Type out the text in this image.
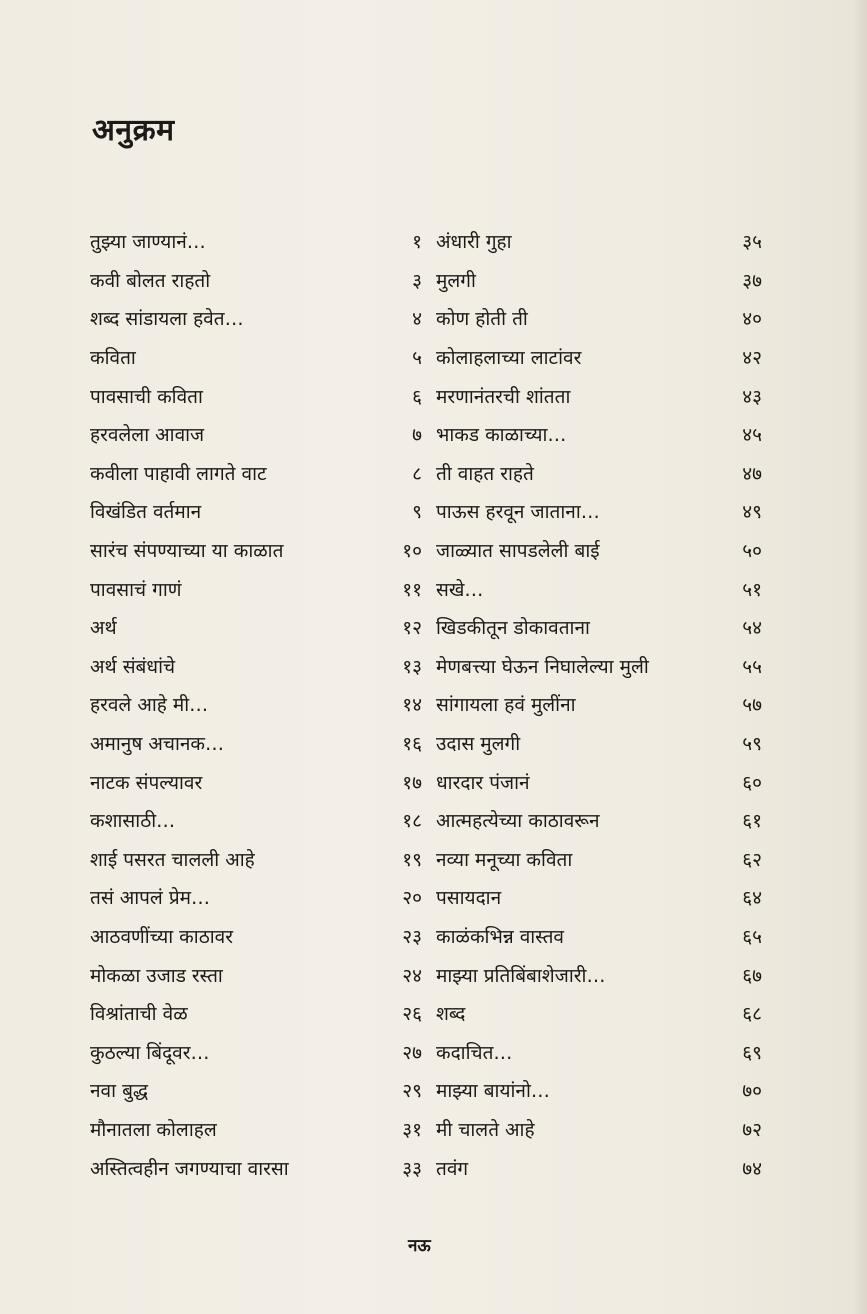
अनुक्रम
तुझ्या जाण्यानं…	१ अंधारी गुहा	३५
कवी बोलत राहतो	३ मुलगी	३७
शब्द सांडायला हवेत…	४ कोण होती ती	४०
कविता	५ कोलाहलाच्या लाटांवर	४२
पावसाची कविता	६ मरणानंतरची शांतता	४३
हरवलेला आवाज	७ भाकड काळाच्या…	४५
कवीला पाहावी लागते वाट	८ ती वाहत राहते	४७
विखंडित वर्तमान	९ पाऊस हरवून जाताना…	४९
सारंच संपण्याच्या या काळात	१० जाळ्यात सापडलेली बाई	५०
पावसाचं गाणं	११ सखे…	५१
अर्थ	१२ खिडकीतून डोकावताना	५४
अर्थ संबंधांचे	१३ मेणबत्त्या घेऊन निघालेल्या मुली	५५
हरवले आहे मी…	१४ सांगायला हवं मुलींना	५७
अमानुष अचानक…	१६ उदास मुलगी	५९
नाटक संपल्यावर	१७ धारदार पंजानं	६०
कशासाठी…	१८ आत्महत्येच्या काठावरून	६१
शाई पसरत चालली आहे	१९ नव्या मनूच्या कविता	६२
तसं आपलं प्रेम…	२० पसायदान	६४
आठवणींच्या काठावर	२३ काळंकभिन्न वास्तव	६५
मोकळा उजाड रस्ता	२४ माझ्या प्रतिबिंबाशेजारी…	६७
विश्रांताची वेळ	२६ शब्द	६८
कुठल्या बिंदूवर…	२७ कदाचित…	६९
नवा बुद्ध	२९ माझ्या बायांनो…	७०
मौनातला कोलाहल	३१ मी चालते आहे	७२
अस्तित्वहीन जगण्याचा वारसा	३३ तवंग	७४
नऊ
